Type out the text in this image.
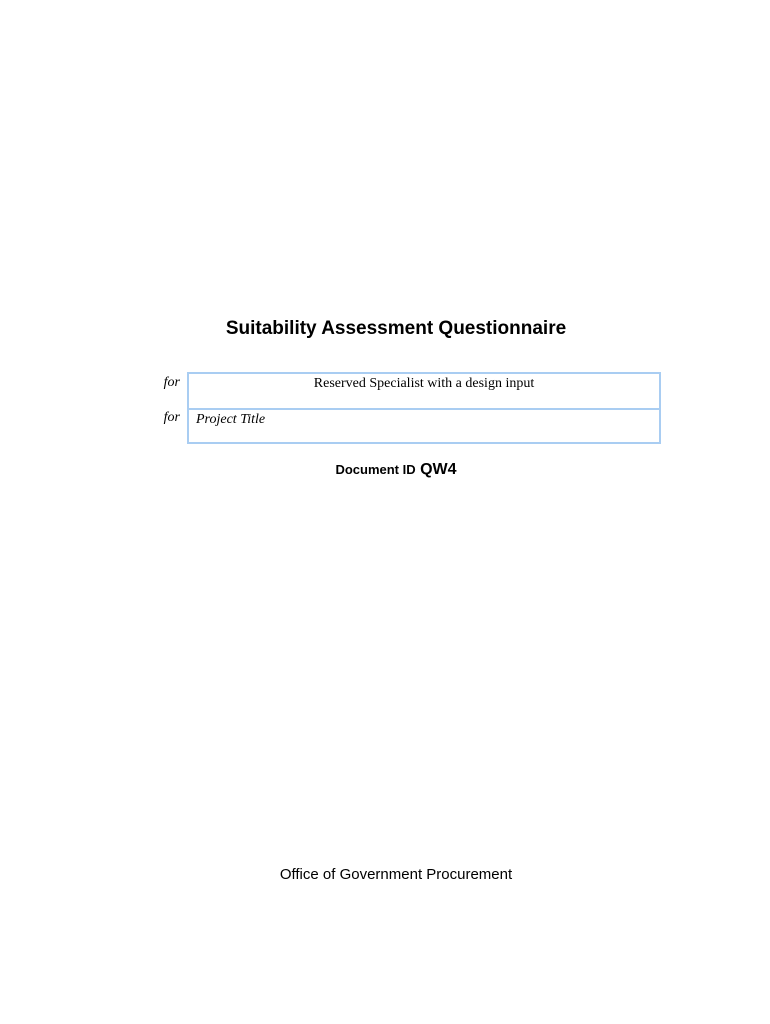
Suitability Assessment Questionnaire
for
for
Reserved Specialist with a design input
Project Title
Document ID QW4
Office of Government Procurement
